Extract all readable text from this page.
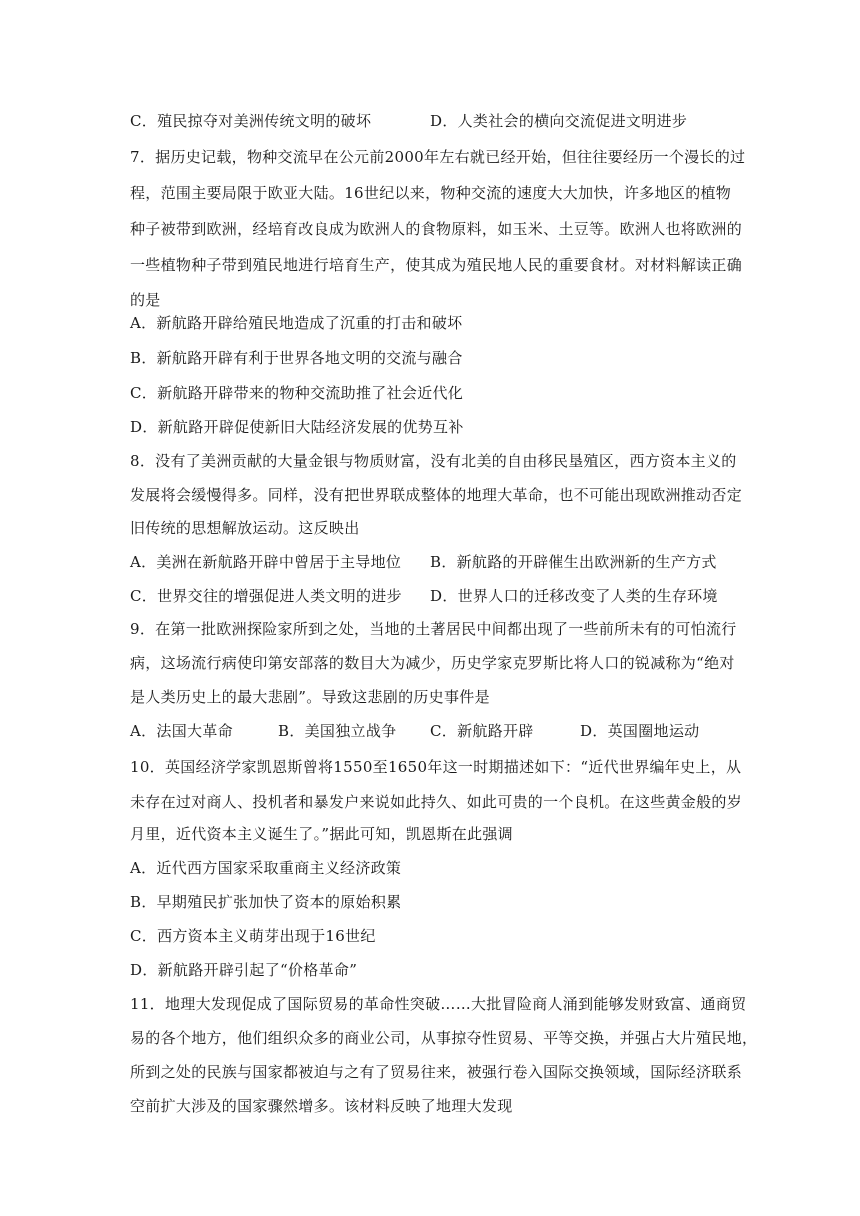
C．殖民掠夺对美洲传统文明的破坏	D．人类社会的横向交流促进文明进步
7．据历史记载，物种交流早在公元前2000年左右就已经开始，但往往要经历一个漫长的过
程，范围主要局限于欧亚大陆。16世纪以来，物种交流的速度大大加快，许多地区的植物
种子被带到欧洲，经培育改良成为欧洲人的食物原料，如玉米、土豆等。欧洲人也将欧洲的
一些植物种子带到殖民地进行培育生产，使其成为殖民地人民的重要食材。对材料解读正确
的是
A．新航路开辟给殖民地造成了沉重的打击和破坏
B．新航路开辟有利于世界各地文明的交流与融合
C．新航路开辟带来的物种交流助推了社会近代化
D．新航路开辟促使新旧大陆经济发展的优势互补
8．没有了美洲贡献的大量金银与物质财富，没有北美的自由移民垦殖区，西方资本主义的
发展将会缓慢得多。同样，没有把世界联成整体的地理大革命，也不可能出现欧洲推动否定
旧传统的思想解放运动。这反映出
A．美洲在新航路开辟中曾居于主导地位 B．新航路的开辟催生出欧洲新的生产方式
C．世界交往的增强促进人类文明的进步 D．世界人口的迁移改变了人类的生存环境
9．在第一批欧洲探险家所到之处，当地的土著居民中间都出现了一些前所未有的可怕流行
病，这场流行病使印第安部落的数目大为减少，历史学家克罗斯比将人口的锐减称为“绝对
是人类历史上的最大悲剧”。导致这悲剧的历史事件是
A．法国大革命	B．美国独立战争 C．新航路开辟	D．英国圈地运动
10．英国经济学家凯恩斯曾将1550至1650年这一时期描述如下：“近代世界编年史上，从
未存在过对商人、投机者和暴发户来说如此持久、如此可贵的一个良机。在这些黄金般的岁
月里，近代资本主义诞生了。”据此可知，凯恩斯在此强调
A．近代西方国家采取重商主义经济政策
B．早期殖民扩张加快了资本的原始积累
C．西方资本主义萌芽出现于16世纪
D．新航路开辟引起了“价格革命”
11．地理大发现促成了国际贸易的革命性突破……大批冒险商人涌到能够发财致富、通商贸
易的各个地方，他们组织众多的商业公司，从事掠夺性贸易、平等交换，并强占大片殖民地，
所到之处的民族与国家都被迫与之有了贸易往来，被强行卷入国际交换领域，国际经济联系
空前扩大涉及的国家骤然增多。该材料反映了地理大发现
